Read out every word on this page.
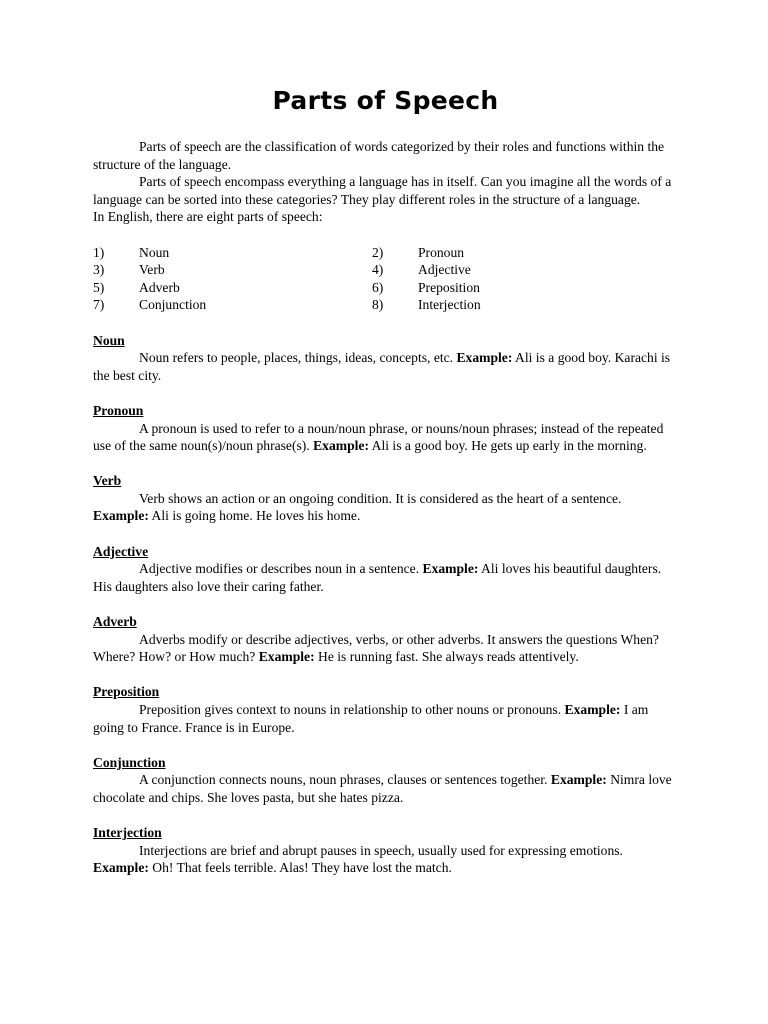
Parts of Speech

Parts of speech are the classification of words categorized by their roles and functions within the structure of the language.

Parts of speech encompass everything a language has in itself. Can you imagine all the words of a language can be sorted into these categories? They play different roles in the structure of a language.

In English, there are eight parts of speech:

1)	Noun	2)	Pronoun
3)	Verb	4)	Adjective
5)	Adverb	6)	Preposition
7)	Conjunction	8)	Interjection

Noun

Noun refers to people, places, things, ideas, concepts, etc. Example: Ali is a good boy. Karachi is the best city.

Pronoun

A pronoun is used to refer to a noun/noun phrase, or nouns/noun phrases; instead of the repeated use of the same noun(s)/noun phrase(s). Example: Ali is a good boy. He gets up early in the morning.

Verb

Verb shows an action or an ongoing condition. It is considered as the heart of a sentence. Example: Ali is going home. He loves his home.

Adjective

Adjective modifies or describes noun in a sentence. Example: Ali loves his beautiful daughters. His daughters also love their caring father.

Adverb

Adverbs modify or describe adjectives, verbs, or other adverbs. It answers the questions When? Where? How? or How much? Example: He is running fast. She always reads attentively.

Preposition

Preposition gives context to nouns in relationship to other nouns or pronouns. Example: I am going to France. France is in Europe.

Conjunction

A conjunction connects nouns, noun phrases, clauses or sentences together. Example: Nimra love chocolate and chips. She loves pasta, but she hates pizza.

Interjection

Interjections are brief and abrupt pauses in speech, usually used for expressing emotions. Example: Oh! That feels terrible. Alas! They have lost the match.
